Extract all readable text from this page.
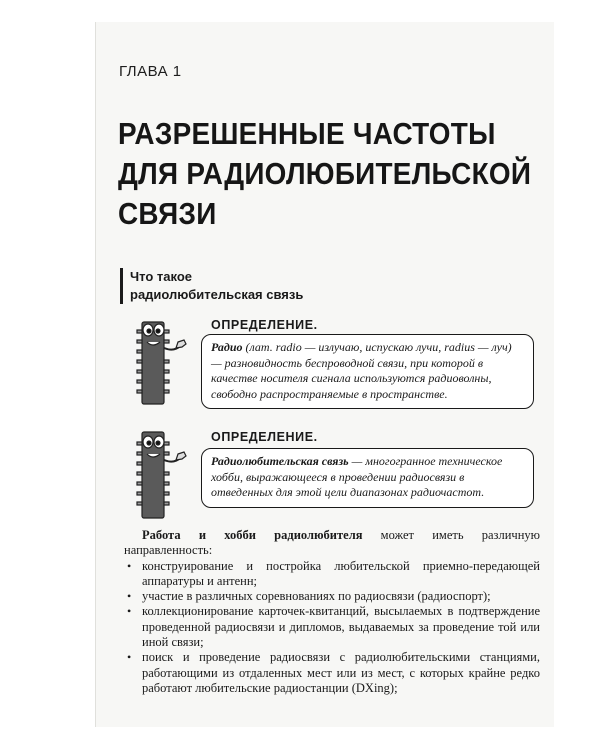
ГЛАВА 1
РАЗРЕШЕННЫЕ ЧАСТОТЫ
ДЛЯ РАДИОЛЮБИТЕЛЬСКОЙ
СВЯЗИ
Что такое
радиолюбительская связь
ОПРЕДЕЛЕНИЕ.
Радио (лат. radio — излучаю, испускаю лучи, radius — луч) — разновидность беспроводной связи, при которой в качестве носителя сигнала используются радиоволны, свободно распространяемые в пространстве.
ОПРЕДЕЛЕНИЕ.
Радиолюбительская связь — многогранное техническое хобби, выражающееся в проведении радиосвязи в отведенных для этой цели диапазонах радиочастот.

Работа и хобби радиолюбителя может иметь различную направленность:

• конструирование и постройка любительской приемно-передающей аппаратуры и антенн;
• участие в различных соревнованиях по радиосвязи (радиоспорт);
• коллекционирование карточек-квитанций, высылаемых в подтверждение проведенной радиосвязи и дипломов, выдаваемых за проведение той или иной связи;
• поиск и проведение радиосвязи с радиолюбительскими станциями, работающими из отдаленных мест или из мест, с которых крайне редко работают любительские радиостанции (DXing);
